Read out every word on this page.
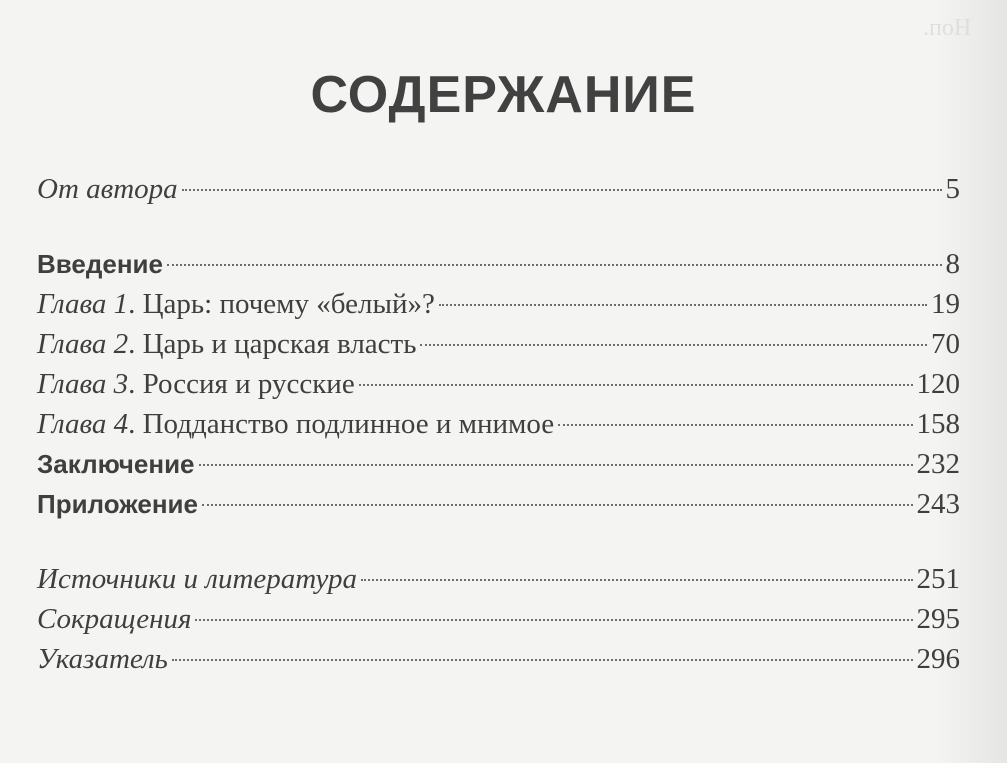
Ноп.
СОДЕРЖАНИЕ
От автора	5
Введение	8
Глава 1. Царь: почему «белый»?	19
Глава 2. Царь и царская власть	70
Глава 3. Россия и русские	120
Глава 4. Подданство подлинное и мнимое	158
Заключение	232
Приложение	243
Источники и литература	251
Сокращения	295
Указатель	296
